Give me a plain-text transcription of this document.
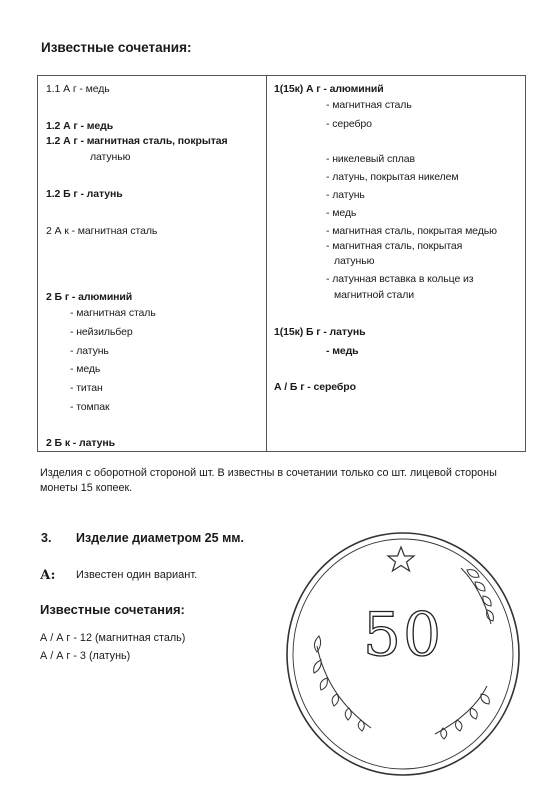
Известные сочетания:
1.1 А г - медь
1.2 А г - медь
1.2 А г - магнитная сталь, покрытая
латунью
1.2 Б г - латунь
2 А к - магнитная сталь
2 Б г - алюминий
- магнитная сталь
- нейзильбер
- латунь
- медь
- титан
- томпак
2 Б к - латунь
1(15к) А г - алюминий
- магнитная сталь
- серебро
- никелевый сплав
- латунь, покрытая никелем
- латунь
- медь
- магнитная сталь, покрытая медью
- магнитная сталь, покрытая
латунью
- латунная вставка в кольце из
магнитной стали
1(15к) Б г - латунь
- медь
А / Б г - серебро
Изделия с оборотной стороной шт. В известны в сочетании только со шт. лицевой стороны монеты 15 копеек.
3. Изделие диаметром 25 мм.
А: Известен один вариант.
Известные сочетания:
А / А г - 12 (магнитная сталь)
А / А г - 3 (латунь)	50
